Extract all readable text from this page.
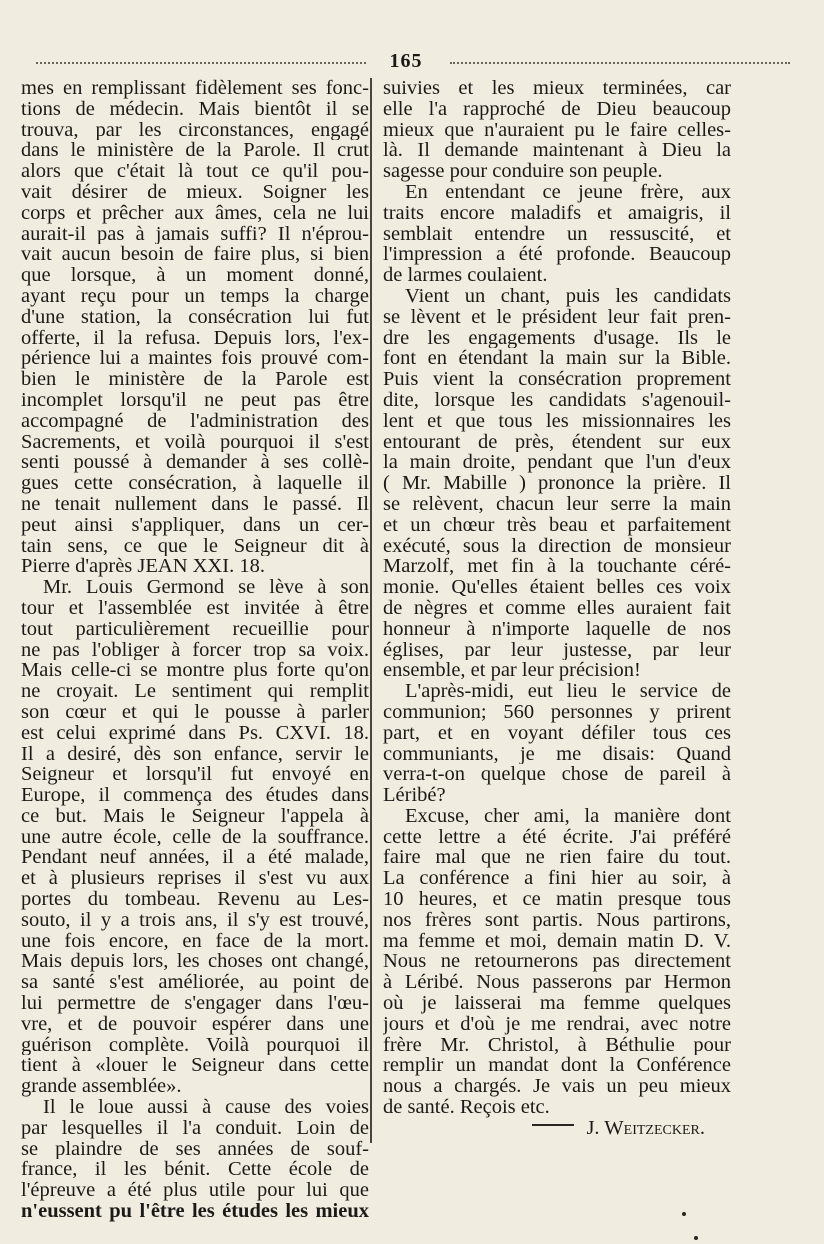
165
mes en remplissant fidèlement ses fonc-
tions de médecin. Mais bientôt il se
trouva, par les circonstances, engagé
dans le ministère de la Parole. Il crut
alors que c'était là tout ce qu'il pou-
vait désirer de mieux. Soigner les
corps et prêcher aux âmes, cela ne lui
aurait-il pas à jamais suffi? Il n'éprou-
vait aucun besoin de faire plus, si bien
que lorsque, à un moment donné,
ayant reçu pour un temps la charge
d'une station, la consécration lui fut
offerte, il la refusa. Depuis lors, l'ex-
périence lui a maintes fois prouvé com-
bien le ministère de la Parole est
incomplet lorsqu'il ne peut pas être
accompagné de l'administration des
Sacrements, et voilà pourquoi il s'est
senti poussé à demander à ses collè-
gues cette consécration, à laquelle il
ne tenait nullement dans le passé. Il
peut ainsi s'appliquer, dans un cer-
tain sens, ce que le Seigneur dit à
Pierre d'après JEAN XXI. 18.
Mr. Louis Germond se lève à son
tour et l'assemblée est invitée à être
tout particulièrement recueillie pour
ne pas l'obliger à forcer trop sa voix.
Mais celle-ci se montre plus forte qu'on
ne croyait. Le sentiment qui remplit
son cœur et qui le pousse à parler
est celui exprimé dans Ps. CXVI. 18.
Il a desiré, dès son enfance, servir le
Seigneur et lorsqu'il fut envoyé en
Europe, il commença des études dans
ce but. Mais le Seigneur l'appela à
une autre école, celle de la souffrance.
Pendant neuf années, il a été malade,
et à plusieurs reprises il s'est vu aux
portes du tombeau. Revenu au Les-
souto, il y a trois ans, il s'y est trouvé,
une fois encore, en face de la mort.
Mais depuis lors, les choses ont changé,
sa santé s'est améliorée, au point de
lui permettre de s'engager dans l'œu-
vre, et de pouvoir espérer dans une
guérison complète. Voilà pourquoi il
tient à «louer le Seigneur dans cette
grande assemblée».
Il le loue aussi à cause des voies
par lesquelles il l'a conduit. Loin de
se plaindre de ses années de souf-
france, il les bénit. Cette école de
l'épreuve a été plus utile pour lui que
n'eussent pu l'être les études les mieux
suivies et les mieux terminées, car
elle l'a rapproché de Dieu beaucoup
mieux que n'auraient pu le faire celles-
là. Il demande maintenant à Dieu la
sagesse pour conduire son peuple.
En entendant ce jeune frère, aux
traits encore maladifs et amaigris, il
semblait entendre un ressuscité, et
l'impression a été profonde. Beaucoup
de larmes coulaient.
Vient un chant, puis les candidats
se lèvent et le président leur fait pren-
dre les engagements d'usage. Ils le
font en étendant la main sur la Bible.
Puis vient la consécration proprement
dite, lorsque les candidats s'agenouil-
lent et que tous les missionnaires les
entourant de près, étendent sur eux
la main droite, pendant que l'un d'eux
( Mr. Mabille ) prononce la prière. Il
se relèvent, chacun leur serre la main
et un chœur très beau et parfaitement
exécuté, sous la direction de monsieur
Marzolf, met fin à la touchante céré-
monie. Qu'elles étaient belles ces voix
de nègres et comme elles auraient fait
honneur à n'importe laquelle de nos
églises, par leur justesse, par leur
ensemble, et par leur précision!
L'après-midi, eut lieu le service de
communion; 560 personnes y prirent
part, et en voyant défiler tous ces
communiants, je me disais: Quand
verra-t-on quelque chose de pareil à
Léribé?
Excuse, cher ami, la manière dont
cette lettre a été écrite. J'ai préféré
faire mal que ne rien faire du tout.
La conférence a fini hier au soir, à
10 heures, et ce matin presque tous
nos frères sont partis. Nous partirons,
ma femme et moi, demain matin D. V.
Nous ne retournerons pas directement
à Léribé. Nous passerons par Hermon
où je laisserai ma femme quelques
jours et d'où je me rendrai, avec notre
frère Mr. Christol, à Béthulie pour
remplir un mandat dont la Conférence
nous a chargés. Je vais un peu mieux
de santé. Reçois etc.
J. Weitzecker.
